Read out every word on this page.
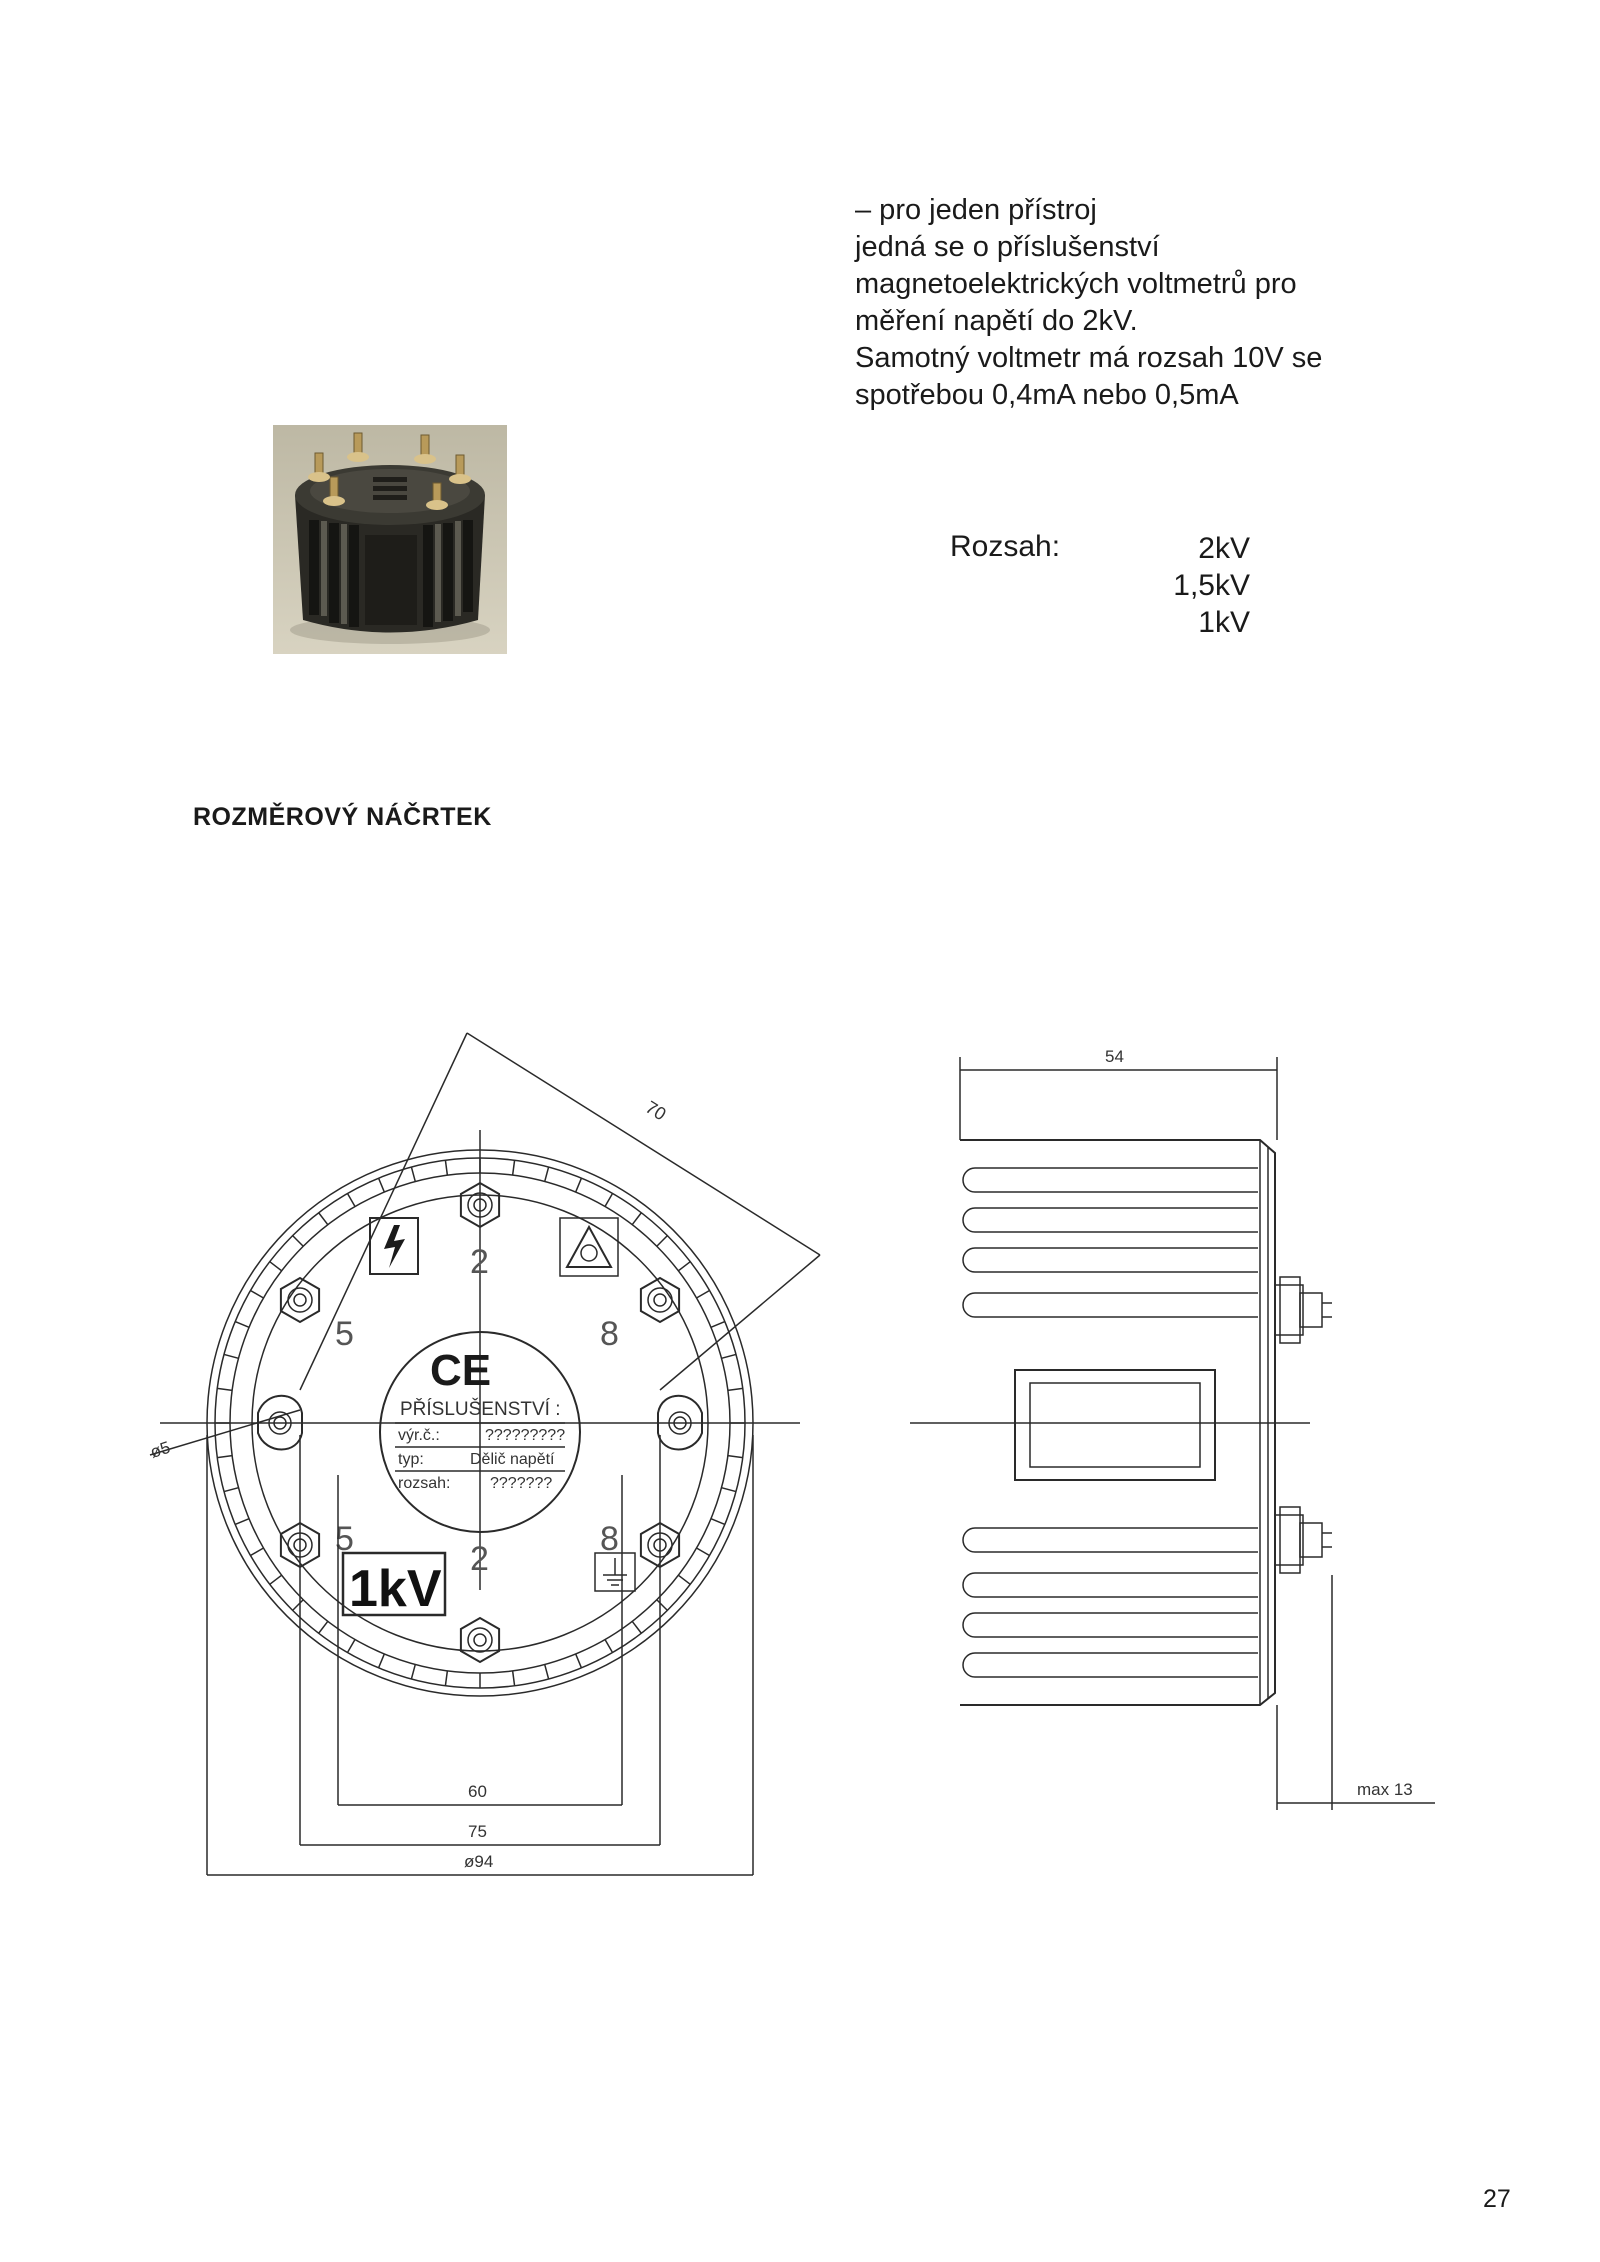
– pro jeden přístroj
jedná se o příslušenství
magnetoelektrických voltmetrů pro
měření napětí do 2kV.
Samotný voltmetr má rozsah 10V se
spotřebou 0,4mA nebo 0,5mA
Rozsah:	2kV
1,5kV
1kV
ROZMĚROVÝ NÁČRTEK
CE
PŘÍSLUŠENSTVÍ :
výr.č.:	?????????
typ:	Dělič napětí
rozsah: ???????
5	8
2
5	8
2
1kV
70
ø5
60
75
ø94
54
max 13
27
